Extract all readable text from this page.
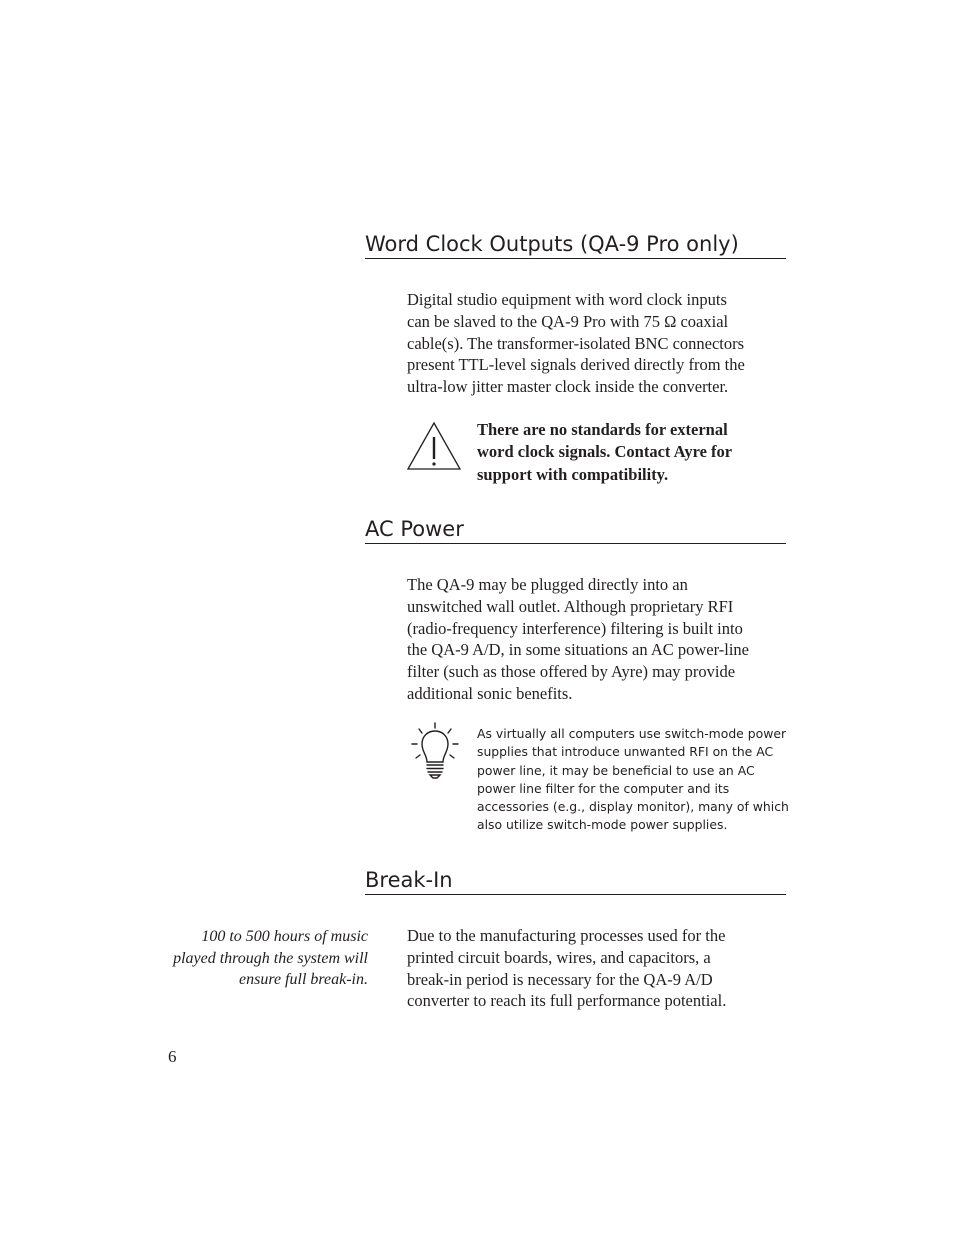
Word Clock Outputs (QA-9 Pro only)

Digital studio equipment with word clock inputs
can be slaved to the QA-9 Pro with 75 Ω coaxial
cable(s). The transformer-isolated BNC connectors
present TTL-level signals derived directly from the
ultra-low jitter master clock inside the converter.

There are no standards for external
word clock signals. Contact Ayre for
support with compatibility.

AC Power

The QA-9 may be plugged directly into an
unswitched wall outlet. Although proprietary RFI
(radio-frequency interference) filtering is built into
the QA-9 A/D, in some situations an AC power-line
filter (such as those offered by Ayre) may provide
additional sonic benefits.

As virtually all computers use switch-mode power
supplies that introduce unwanted RFI on the AC
power line, it may be beneficial to use an AC
power line filter for the computer and its
accessories (e.g., display monitor), many of which
also utilize switch-mode power supplies.

Break-In

100 to 500 hours of music
played through the system will
ensure full break-in.

Due to the manufacturing processes used for the
printed circuit boards, wires, and capacitors, a
break-in period is necessary for the QA-9 A/D
converter to reach its full performance potential.

6
